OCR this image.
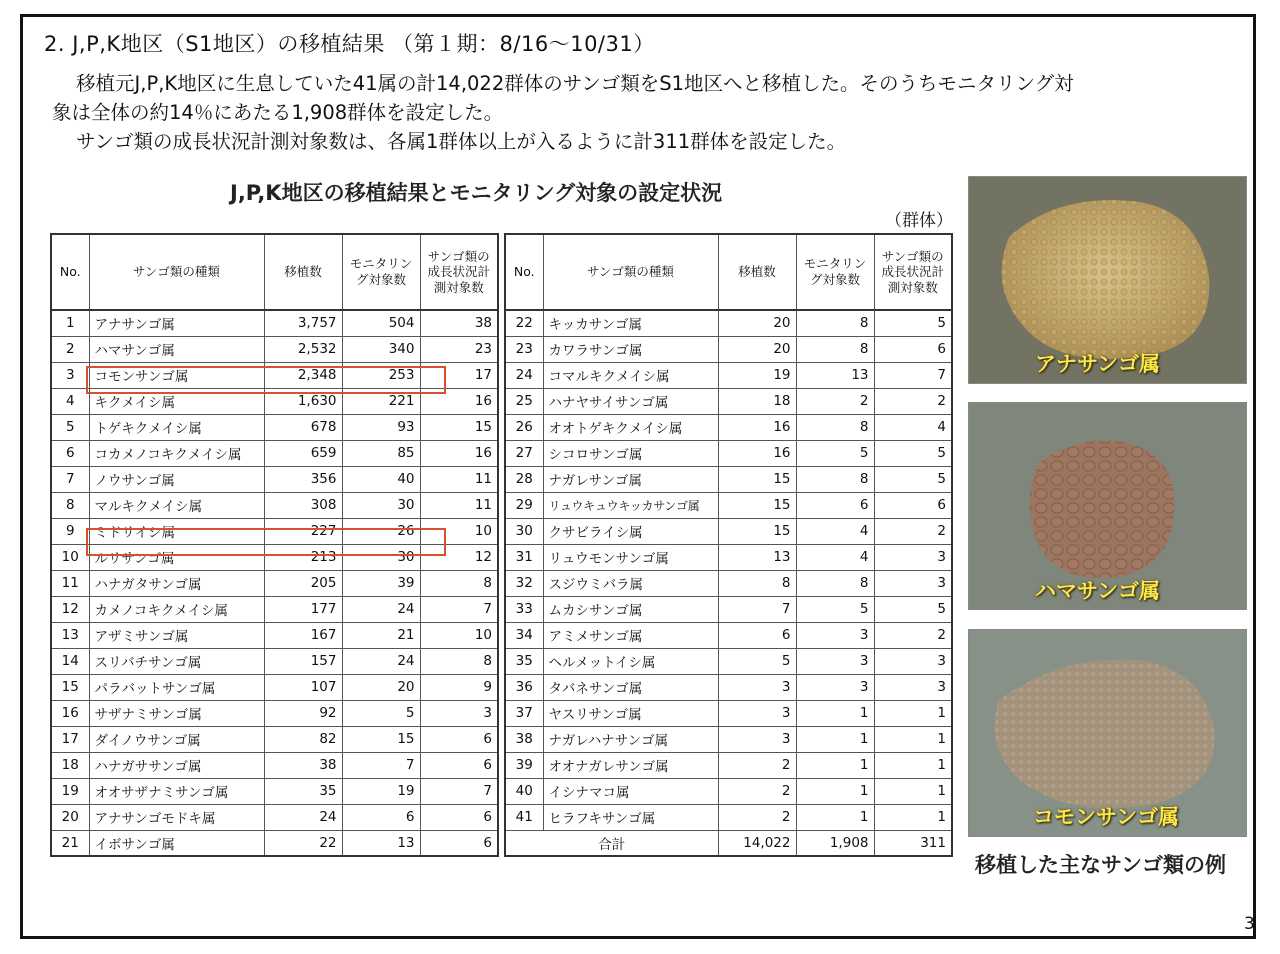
2. J,P,K地区（S1地区）の移植結果 （第１期：8/16～10/31）
移植元J,P,K地区に生息していた41属の計14,022群体のサンゴ類をS1地区へと移植した。そのうちモニタリング対
象は全体の約14％にあたる1,908群体を設定した。
サンゴ類の成長状況計測対象数は、各属1群体以上が入るように計311群体を設定した。
J,P,K地区の移植結果とモニタリング対象の設定状況
（群体）
No.	サンゴ類の種類	移植数	モニタリング対象数	サンゴ類の成長状況計測対象数
1	アナサンゴ属	3,757	504	38
2	ハマサンゴ属	2,532	340	23
3	コモンサンゴ属	2,348	253	17
4	キクメイシ属	1,630	221	16
5	トゲキクメイシ属	678	93	15
6	コカメノコキクメイシ属	659	85	16
7	ノウサンゴ属	356	40	11
8	マルキクメイシ属	308	30	11
9	ミドリイシ属	227	26	10
10	ルリサンゴ属	213	30	12
11	ハナガタサンゴ属	205	39	8
12	カメノコキクメイシ属	177	24	7
13	アザミサンゴ属	167	21	10
14	スリバチサンゴ属	157	24	8
15	パラバットサンゴ属	107	20	9
16	サザナミサンゴ属	92	5	3
17	ダイノウサンゴ属	82	15	6
18	ハナガササンゴ属	38	7	6
19	オオサザナミサンゴ属	35	19	7
20	アナサンゴモドキ属	24	6	6
21	イボサンゴ属	22	13	6
No.	サンゴ類の種類	移植数	モニタリング対象数	サンゴ類の成長状況計測対象数
22	キッカサンゴ属	20	8	5
23	カワラサンゴ属	20	8	6
24	コマルキクメイシ属	19	13	7
25	ハナヤサイサンゴ属	18	2	2
26	オオトゲキクメイシ属	16	8	4
27	シコロサンゴ属	16	5	5
28	ナガレサンゴ属	15	8	5
29	リュウキュウキッカサンゴ属	15	6	6
30	クサビライシ属	15	4	2
31	リュウモンサンゴ属	13	4	3
32	スジウミバラ属	8	8	3
33	ムカシサンゴ属	7	5	5
34	アミメサンゴ属	6	3	2
35	ヘルメットイシ属	5	3	3
36	タバネサンゴ属	3	3	3
37	ヤスリサンゴ属	3	1	1
38	ナガレハナサンゴ属	3	1	1
39	オオナガレサンゴ属	2	1	1
40	イシナマコ属	2	1	1
41	ヒラフキサンゴ属	2	1	1
合計		14,022	1,908	311
アナサンゴ属
ハマサンゴ属
コモンサンゴ属
移植した主なサンゴ類の例
3
